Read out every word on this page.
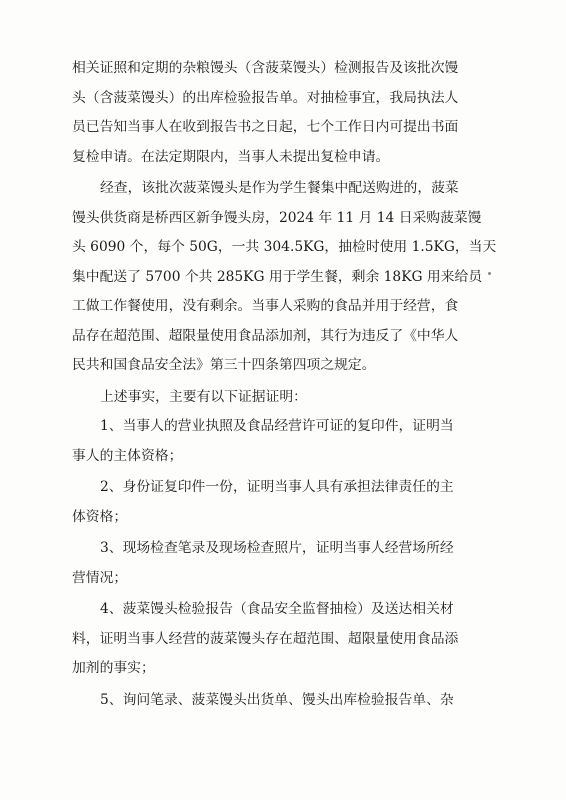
相关证照和定期的杂粮馒头（含菠菜馒头）检测报告及该批次馒
头（含菠菜馒头）的出库检验报告单。对抽检事宜，我局执法人
员已告知当事人在收到报告书之日起，七个工作日内可提出书面
复检申请。在法定期限内，当事人未提出复检申请。

经查，该批次菠菜馒头是作为学生餐集中配送购进的，菠菜
馒头供货商是桥西区新争馒头房，2024 年 11 月 14 日采购菠菜馒
头 6090 个，每个 50G，一共 304.5KG，抽检时使用 1.5KG，当天
集中配送了 5700 个共 285KG 用于学生餐，剩余 18KG 用来给员
工做工作餐使用，没有剩余。当事人采购的食品并用于经营，食
品存在超范围、超限量使用食品添加剂，其行为违反了《中华人
民共和国食品安全法》第三十四条第四项之规定。

上述事实，主要有以下证据证明：

1、当事人的营业执照及食品经营许可证的复印件，证明当
事人的主体资格；

2、身份证复印件一份，证明当事人具有承担法律责任的主
体资格；

3、现场检查笔录及现场检查照片，证明当事人经营场所经
营情况；

4、菠菜馒头检验报告（食品安全监督抽检）及送达相关材
料，证明当事人经营的菠菜馒头存在超范围、超限量使用食品添
加剂的事实；

5、询问笔录、菠菜馒头出货单、馒头出库检验报告单、杂
